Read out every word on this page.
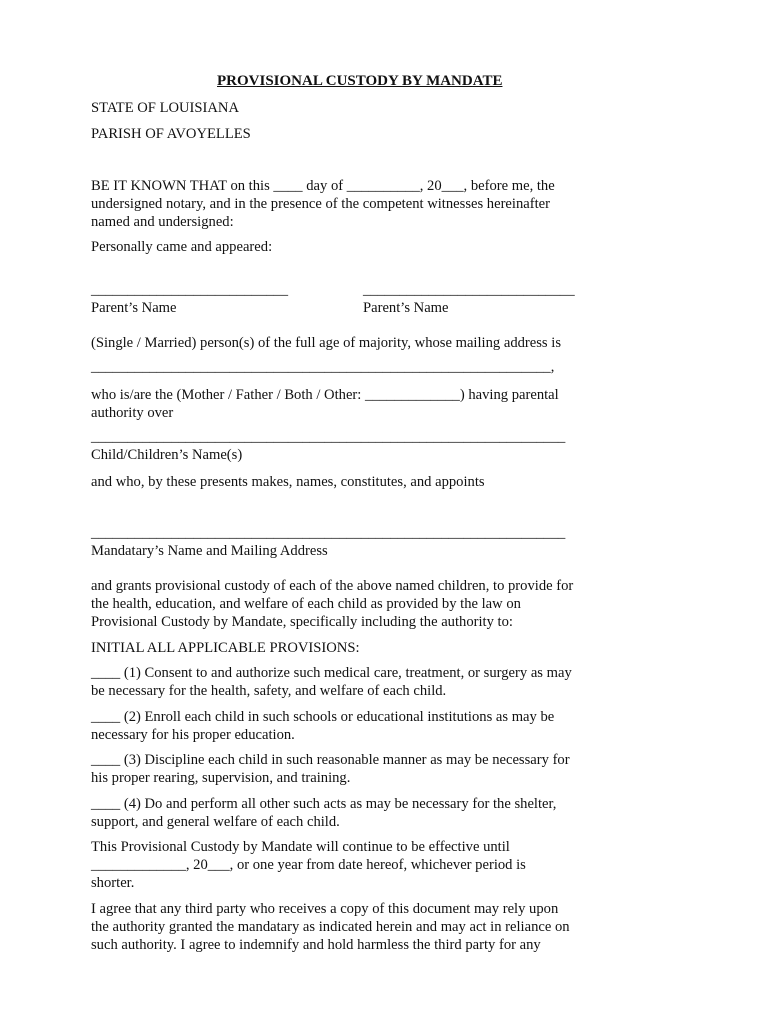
PROVISIONAL CUSTODY BY MANDATE

STATE OF LOUISIANA

PARISH OF AVOYELLES

BE IT KNOWN THAT on this ____ day of __________, 20___, before me, the

undersigned notary, and in the presence of the competent witnesses hereinafter

named and undersigned:

Personally came and appeared:

___________________________	_____________________________

Parent’s Name	Parent’s Name

(Single / Married) person(s) of the full age of majority, whose mailing address is

_______________________________________________________________,

who is/are the (Mother / Father / Both / Other: _____________) having parental

authority over

_________________________________________________________________

Child/Children’s Name(s)

and who, by these presents makes, names, constitutes, and appoints

_________________________________________________________________

Mandatary’s Name and Mailing Address

and grants provisional custody of each of the above named children, to provide for

the health, education, and welfare of each child as provided by the law on

Provisional Custody by Mandate, specifically including the authority to:

INITIAL ALL APPLICABLE PROVISIONS:

____ (1) Consent to and authorize such medical care, treatment, or surgery as may

be necessary for the health, safety, and welfare of each child.

____ (2) Enroll each child in such schools or educational institutions as may be

necessary for his proper education.

____ (3) Discipline each child in such reasonable manner as may be necessary for

his proper rearing, supervision, and training.

____ (4) Do and perform all other such acts as may be necessary for the shelter,

support, and general welfare of each child.

This Provisional Custody by Mandate will continue to be effective until

_____________, 20___, or one year from date hereof, whichever period is

shorter.

I agree that any third party who receives a copy of this document may rely upon

the authority granted the mandatary as indicated herein and may act in reliance on

such authority. I agree to indemnify and hold harmless the third party for any
